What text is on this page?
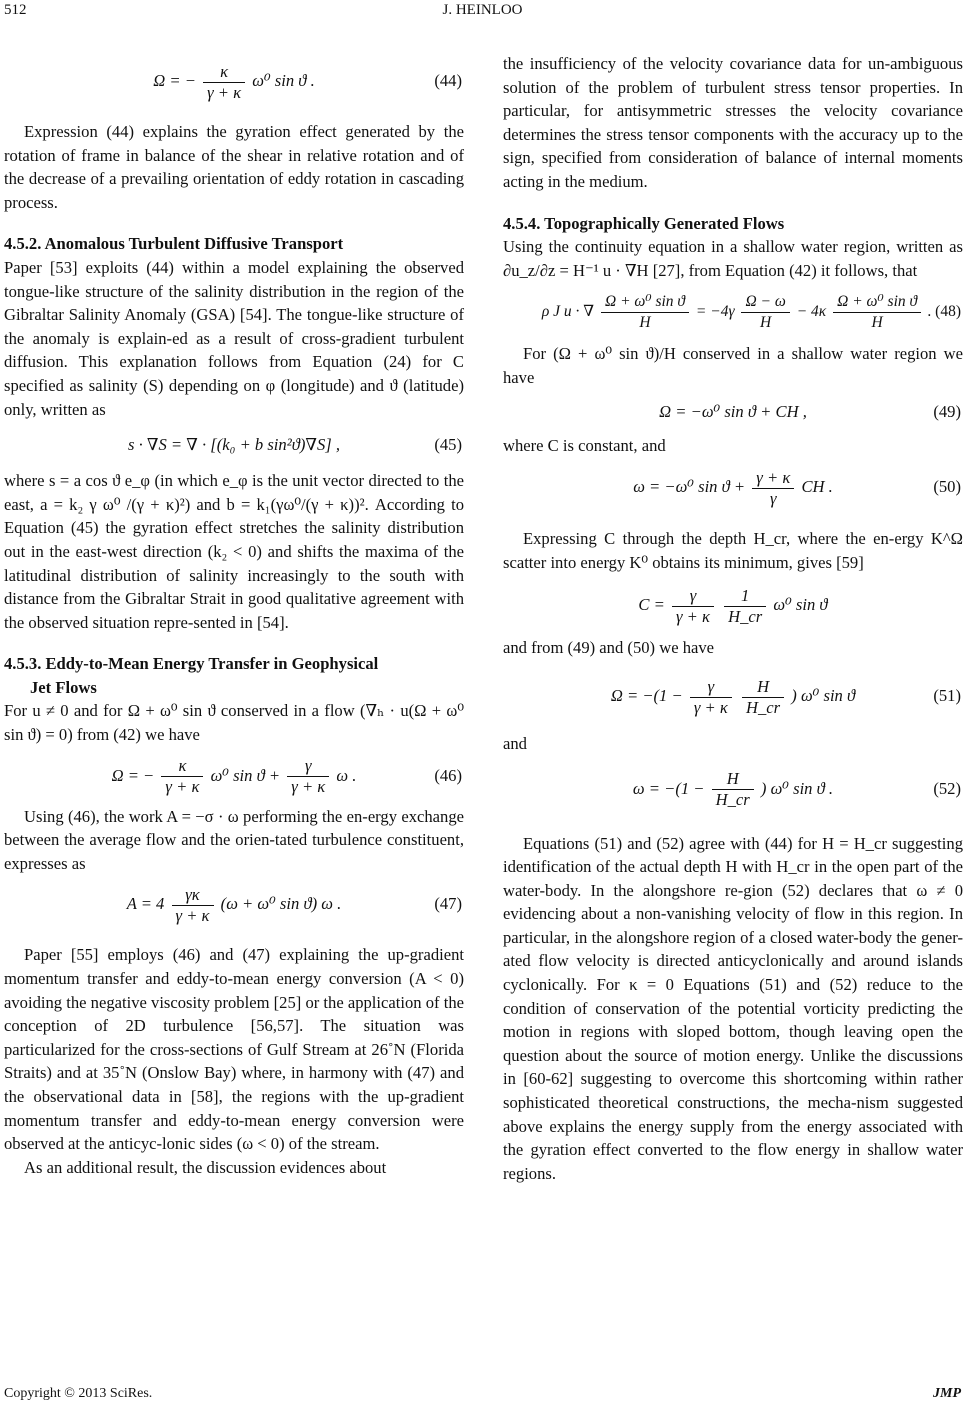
512	J. HEINLOO
Ω = − $\frac{\kappa}{\gamma + \kappa} \omega^0$ sin ϑ .	(44)

Expression (44) explains the gyration effect generated by the rotation of frame in balance of the shear in relative rotation and of the decrease of a prevailing orientation of eddy rotation in cascading process.

4.5.2. Anomalous Turbulent Diffusive Transport

Paper [53] exploits (44) within a model explaining the observed tongue-like structure of the salinity distribution in the region of the Gibraltar Salinity Anomaly (GSA) [54]. The tongue-like structure of the anomaly is explain-ed as a result of cross-gradient turbulent diffusion. This explanation follows from Equation (24) for C specified as salinity (S) depending on φ (longitude) and ϑ (latitude) only, written as

s · ∇S = ∇ · [(k₀ + b sin²ϑ)∇S] ,	(45)

where s = a cos ϑ e_φ (in which e_φ is the unit vector directed to the east, a = k₂ γ ω⁰ /(γ + κ)²) and b = k₁(γω⁰/(γ + κ))². According to Equation (45) the gyration effect stretches the salinity distribution out in the east-west direction (k₂ < 0) and shifts the maxima of the latitudinal distribution of salinity increasingly to the south with distance from the Gibraltar Strait in good qualitative agreement with the observed situation repre-sented in [54].

4.5.3. Eddy-to-Mean Energy Transfer in Geophysical

Jet Flows

For u ≠ 0 and for Ω + ω⁰ sin ϑ conserved in a flow (∇ₕ · u(Ω + ω⁰ sin ϑ) = 0) from (42) we have

Ω = − $\frac{\kappa}{\gamma + \kappa} \omega^0$ $\sin ϑ + \frac{\gamma}{\gamma + \kappa}$ ω .	(46)

Using (46), the work A = −σ · ω performing the en-ergy exchange between the average flow and the orien-tated turbulence constituent, expresses as

$A = 4 \frac{\gamma\kappa}{\gamma + \kappa} (\omega + \omega^0$ sin ϑ) ω .	(47)

Paper [55] employs (46) and (47) explaining the up-gradient momentum transfer and eddy-to-mean energy conversion (A < 0) avoiding the negative viscosity problem [25] or the application of the conception of 2D turbulence [56,57]. The situation was particularized for the cross-sections of Gulf Stream at 26˚N (Florida Straits) and at 35˚N (Onslow Bay) where, in harmony with (47) and the observational data in [58], the regions with the up-gradient momentum transfer and eddy-to-mean energy conversion were observed at the anticyc-lonic sides (ω < 0) of the stream.

As an additional result, the discussion evidences about

the insufficiency of the velocity covariance data for un-ambiguous solution of the problem of turbulent stress tensor properties. In particular, for antisymmetric stresses the velocity covariance determines the stress tensor components with the accuracy up to the sign, specified from consideration of balance of internal moments acting in the medium.

4.5.4. Topographically Generated Flows

Using the continuity equation in a shallow water region, written as ∂u_z/∂z = H⁻¹ u · ∇H [27], from Equation (42) it follows, that

ρ J u · ∇ $\frac{\text{Ω + ω⁰ sin ϑ}}{H} = -4\gamma \frac{\Omega - \omega}{H} - 4\kappa \frac{\text{Ω + ω⁰ sin ϑ}}{H}$ . (48)

For (Ω + ω⁰ sin ϑ)/H conserved in a shallow water region we have

Ω = −ω⁰ sin ϑ + CH ,	(49)

where C is constant, and

ω = −ω⁰ $\sin ϑ + \frac{\gamma + \kappa}{\gamma}$ CH .	(50)

Expressing C through the depth H_cr, where the en-ergy K^Ω scatter into energy K⁰ obtains its minimum, gives [59]

$C = \frac{\gamma}{\gamma + \kappa}$
$\frac{1}{H\_cr} \omega^0$ sin ϑ

and from (49) and (50) we have

$\Omega = -(1 - \frac{\gamma}{\gamma + \kappa}$
$\frac{H}{H\_cr}$ ) ω⁰ sin ϑ	(51)

and

$\omega = -(1 - \frac{H}{H\_cr}$ ) ω⁰ sin ϑ .	(52)

Equations (51) and (52) agree with (44) for H = H_cr suggesting identification of the actual depth H with H_cr in the open part of the water-body. In the alongshore re-gion (52) declares that ω ≠ 0 evidencing about a non-vanishing velocity of flow in this region. In particular, in the alongshore region of a closed water-body the gener-ated flow velocity is directed anticyclonically and around islands cyclonically. For κ = 0 Equations (51) and (52) reduce to the condition of conservation of the potential vorticity predicting the motion in regions with sloped bottom, though leaving open the question about the source of motion energy. Unlike the discussions in [60-62] suggesting to overcome this shortcoming within rather sophisticated theoretical constructions, the mecha-nism suggested above explains the energy supply from the energy associated with the gyration effect converted to the flow energy in shallow water regions.

Copyright © 2013 SciRes.	JMP
